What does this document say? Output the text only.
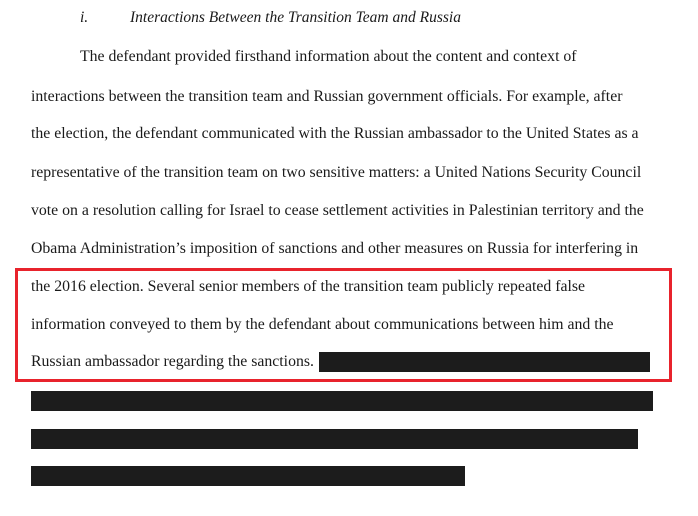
i.	Interactions Between the Transition Team and Russia
The defendant provided firsthand information about the content and context of
interactions between the transition team and Russian government officials. For example, after
the election, the defendant communicated with the Russian ambassador to the United States as a
representative of the transition team on two sensitive matters: a United Nations Security Council
vote on a resolution calling for Israel to cease settlement activities in Palestinian territory and the
Obama Administration’s imposition of sanctions and other measures on Russia for interfering in
the 2016 election. Several senior members of the transition team publicly repeated false
information conveyed to them by the defendant about communications between him and the
Russian ambassador regarding the sanctions.
